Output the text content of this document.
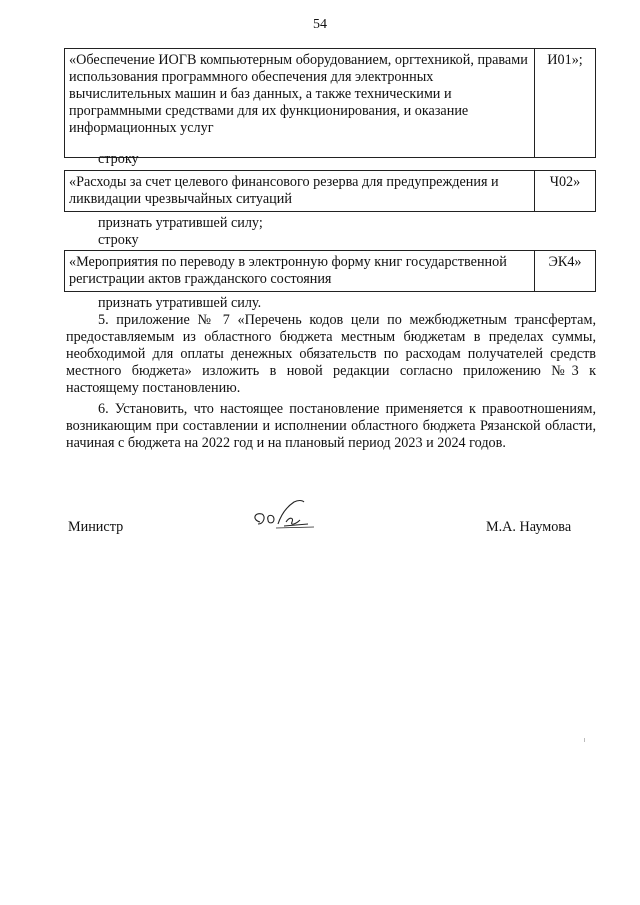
54
«Обеспечение ИОГВ компьютерным оборудованием, оргтехникой, правами использования программного обеспечения для электронных вычислительных машин и баз данных, а также техническими и программными средствами для их функционирования, и оказание информационных услуг	И01»;
строку
«Расходы за счет целевого финансового резерва для предупреждения и ликвидации чрезвычайных ситуаций	Ч02»
признать утратившей силу;
строку
«Мероприятия по переводу в электронную форму книг государственной регистрации актов гражданского состояния	ЭК4»
признать утратившей силу.
5. приложение № 7 «Перечень кодов цели по межбюджетным трансфертам, предоставляемым из областного бюджета местным бюджетам в пределах суммы, необходимой для оплаты денежных обязательств по расходам получателей средств местного бюджета» изложить в новой редакции согласно приложению №3 к настоящему постановлению.
6. Установить, что настоящее постановление применяется к правоотношениям, возникающим при составлении и исполнении областного бюджета Рязанской области, начиная с бюджета на 2022 год и на плановый период 2023 и 2024 годов.
Министр	М.А. Наумова
